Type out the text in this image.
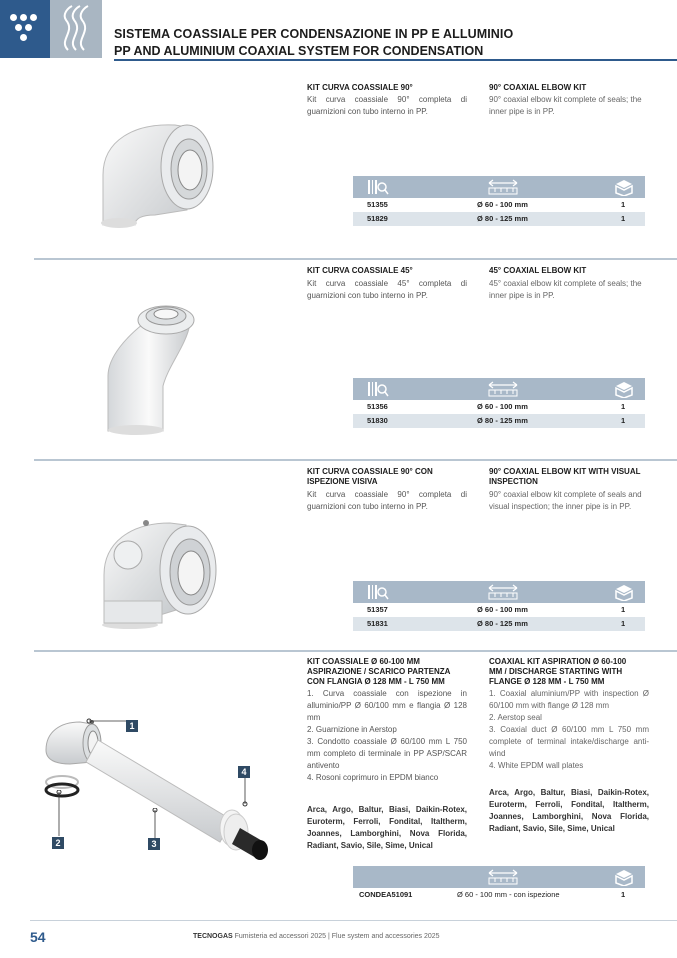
SISTEMA COASSIALE PER CONDENSAZIONE IN PP E ALLUMINIO
PP AND ALUMINIUM COAXIAL SYSTEM FOR CONDENSATION
KIT CURVA COASSIALE 90°
Kit curva coassiale 90° completa di guarnizioni con tubo interno in PP.
90° COAXIAL ELBOW KIT
90° coaxial elbow kit complete of seals; the inner pipe is in PP.
51355	Ø 60 - 100 mm	1
51829	Ø 80 - 125 mm	1
KIT CURVA COASSIALE 45°
Kit curva coassiale 45° completa di guarnizioni con tubo interno in PP.
45° COAXIAL ELBOW KIT
45° coaxial elbow kit complete of seals; the inner pipe is in PP.
51356	Ø 60 - 100 mm	1
51830	Ø 80 - 125 mm	1
KIT CURVA COASSIALE 90° CON
ISPEZIONE VISIVA
Kit curva coassiale 90° completa di guarnizioni con tubo interno in PP.
90° COAXIAL ELBOW KIT WITH VISUAL
INSPECTION
90° coaxial elbow kit complete of seals and visual inspection; the inner pipe is in PP.
51357	Ø 60 - 100 mm	1
51831	Ø 80 - 125 mm	1
KIT COASSIALE Ø 60-100 MM
ASPIRAZIONE / SCARICO PARTENZA
CON FLANGIA Ø 128 MM - L 750 MM
1. Curva coassiale con ispezione in alluminio/PP Ø 60/100 mm e flangia Ø 128 mm
2. Guarnizione in Aerstop
3. Condotto coassiale Ø 60/100 mm L 750 mm completo di terminale in PP ASP/SCAR antivento
4. Rosoni coprimuro in EPDM bianco
Arca, Argo, Baltur, Biasi, Daikin-Rotex, Euroterm, Ferroli, Fondital, Italtherm, Joannes, Lamborghini, Nova Florida, Radiant, Savio, Sile, Sime, Unical
COAXIAL KIT ASPIRATION Ø 60-100
MM / DISCHARGE STARTING WITH
FLANGE Ø 128 MM - L 750 MM
1. Coaxial aluminium/PP with inspection Ø 60/100 mm with flange Ø 128 mm
2. Aerstop seal
3. Coaxial duct Ø 60/100 mm L 750 mm complete of terminal intake/discharge anti-wind
4. White EPDM wall plates
Arca, Argo, Baltur, Biasi, Daikin-Rotex, Euroterm, Ferroli, Fondital, Italtherm, Joannes, Lamborghini, Nova Florida, Radiant, Savio, Sile, Sime, Unical
1
2	3
4
CONDEA51091	Ø 60 - 100 mm - con ispezione	1
54	TECNOGAS Fumisteria ed accessori 2025 | Flue system and accessories 2025
